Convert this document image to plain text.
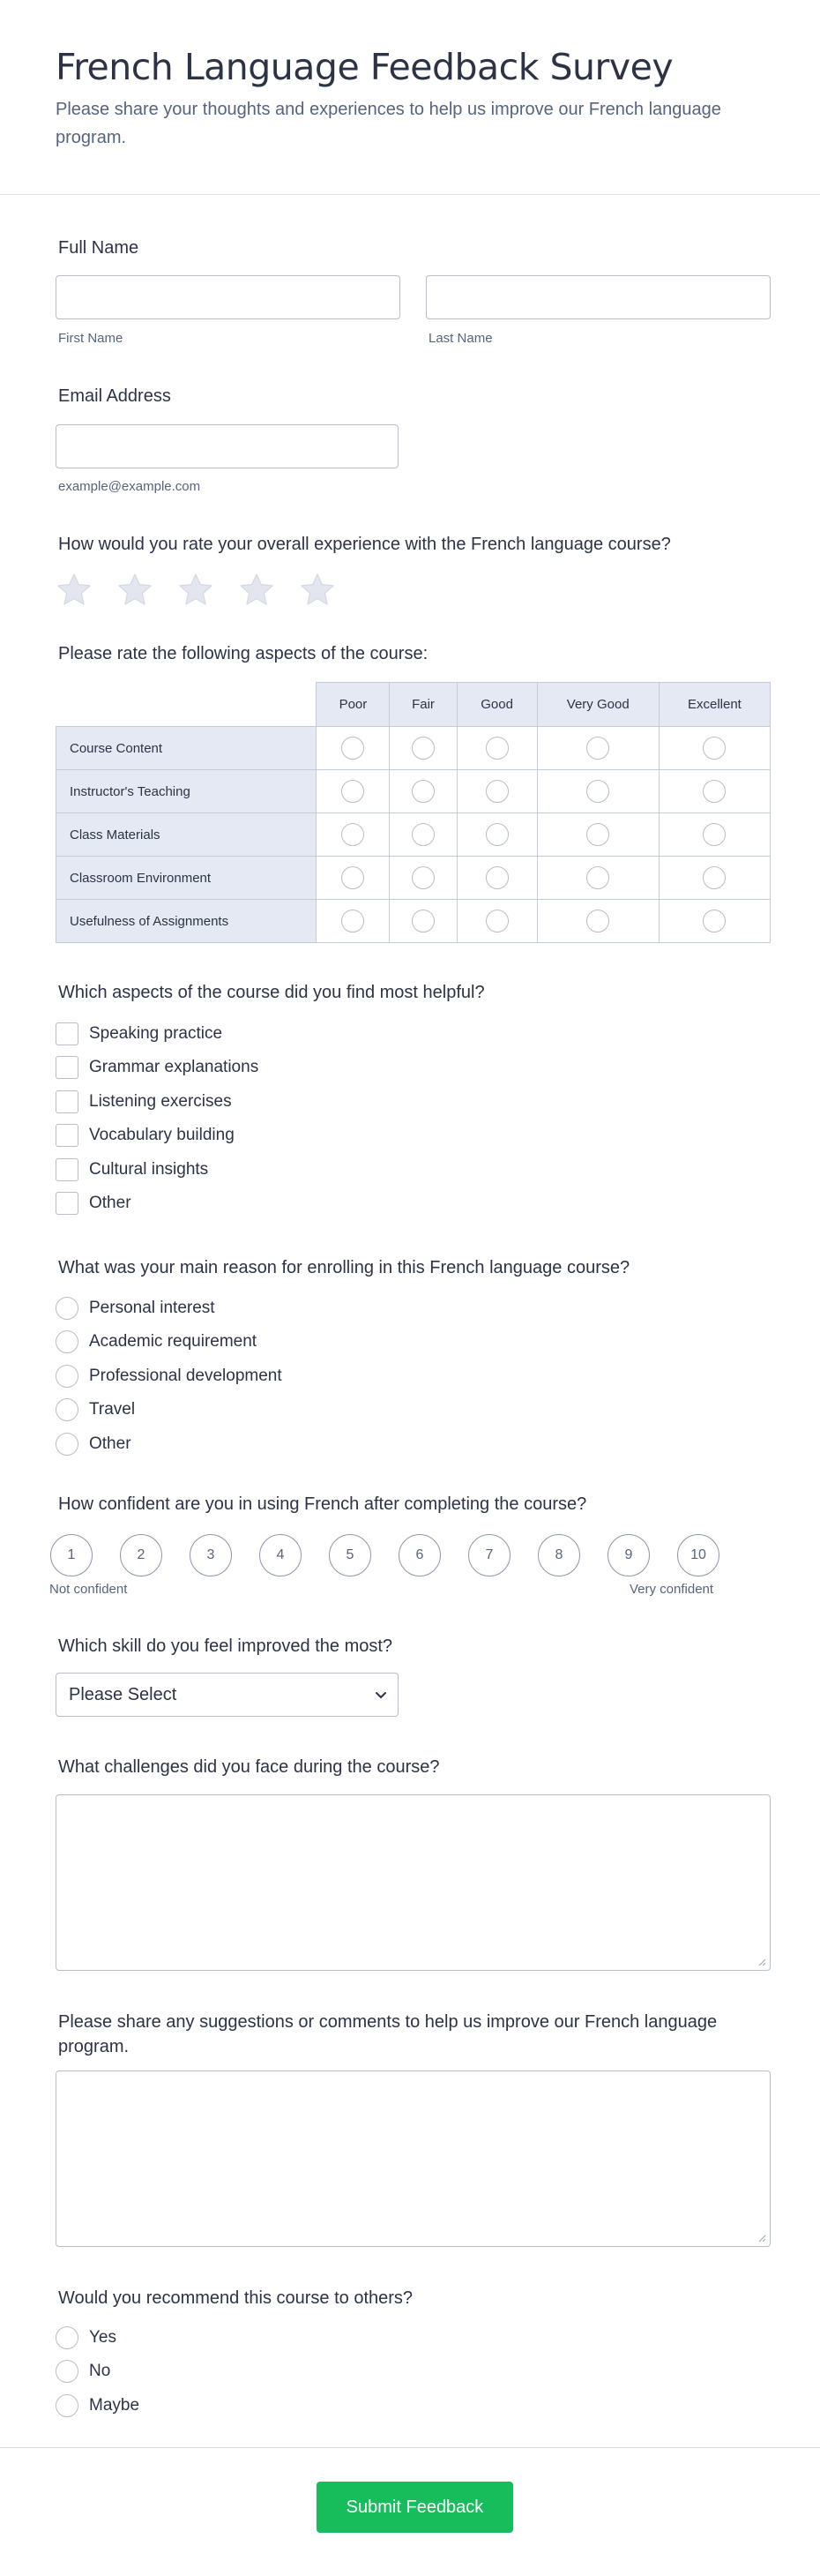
French Language Feedback Survey

Please share your thoughts and experiences to help us improve our French language program.

Full Name
First Name	Last Name
Email Address
example@example.com
How would you rate your overall experience with the French language course?
Please rate the following aspects of the course:
	Poor	Fair	Good	Very Good	Excellent
Course Content					
Instructor's Teaching					
Class Materials					
Classroom Environment					
Usefulness of Assignments					
Which aspects of the course did you find most helpful?
Speaking practice
Grammar explanations
Listening exercises
Vocabulary building
Cultural insights
Other
What was your main reason for enrolling in this French language course?
Personal interest
Academic requirement
Professional development
Travel
Other
How confident are you in using French after completing the course?
1	2	3	4	5	6	7	8	9	10
Not confident	Very confident
Which skill do you feel improved the most?
Please Select
What challenges did you face during the course?
Please share any suggestions or comments to help us improve our French language program.
Would you recommend this course to others?
Yes
No
Maybe
Submit Feedback
